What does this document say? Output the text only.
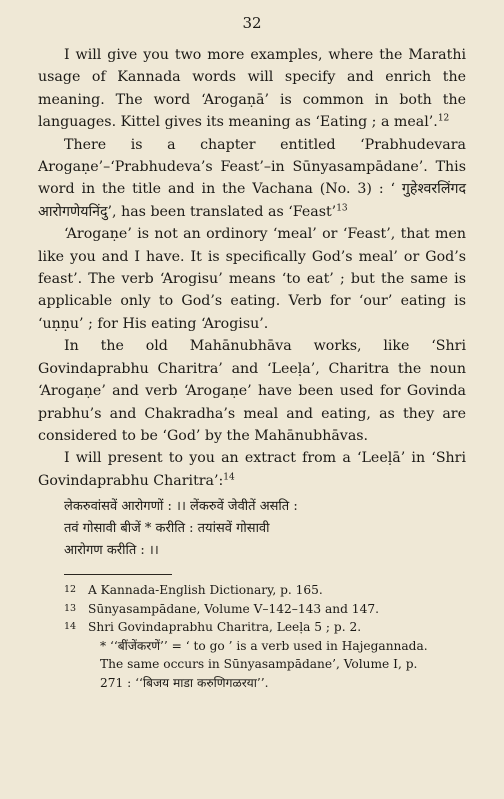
32

I will give you two more examples, where the Marathi usage of Kannada words will specify and enrich the meaning. The word ‘Arogaṇā’ is common in both the languages. Kittel gives its meaning as ‘Eating ; a meal’.$^{12}$

There is a chapter entitled ‘Prabhudevara Arogaṇe’–‘Prabhudeva’s Feast’–in Sūnyasampādane’. This word in the title and in the Vachana (No. 3) : ‘ गुहेश्वरलिंगद आरोगणेयनिंदु’, has been translated as ‘Feast’$^{13}$

‘Arogaṇe’ is not an ordinory ‘meal’ or ‘Feast’, that men like you and I have. It is specifically God’s meal’ or God’s feast’. The verb ‘Arogisu’ means ‘to eat’ ; but the same is applicable only to God’s eating. Verb for ‘our’ eating is ‘uṇṇu’ ; for His eating ‘Arogisu’.

In the old Mahānubhāva works, like ‘Shri Govindaprabhu Charitra’ and ‘Leeḷa’, Charitra the noun ‘Arogaṇe’ and verb ‘Arogaṇe’ have been used for Govinda prabhu’s and Chakradha’s meal and eating, as they are considered to be ‘God’ by the Mahānubhāvas.

I will present to you an extract from a ‘Leeḷā’ in ‘Shri Govindaprabhu Charitra’:$^{14}$

लेकरुवांसवें आरोगणों : ।। लेंकरुवें जेवीतें असति :
तवं गोसावी बीजें * करीति : तयांसवें गोसावी
आरोगण करीति : ।।
12 A Kannada-English Dictionary, p. 165.
13 Sūnyasampādane, Volume V–142–143 and 147.
14 Shri Govindaprabhu Charitra, Leeḷa 5 ; p. 2.
* ‘‘बींजेंकरणें’’ = ‘ to go ’ is a verb used in Hajegannada.
The same occurs in Sūnyasampādane’, Volume I, p.
271 : ‘‘बिजय माडा करुणिगळरया’’.
